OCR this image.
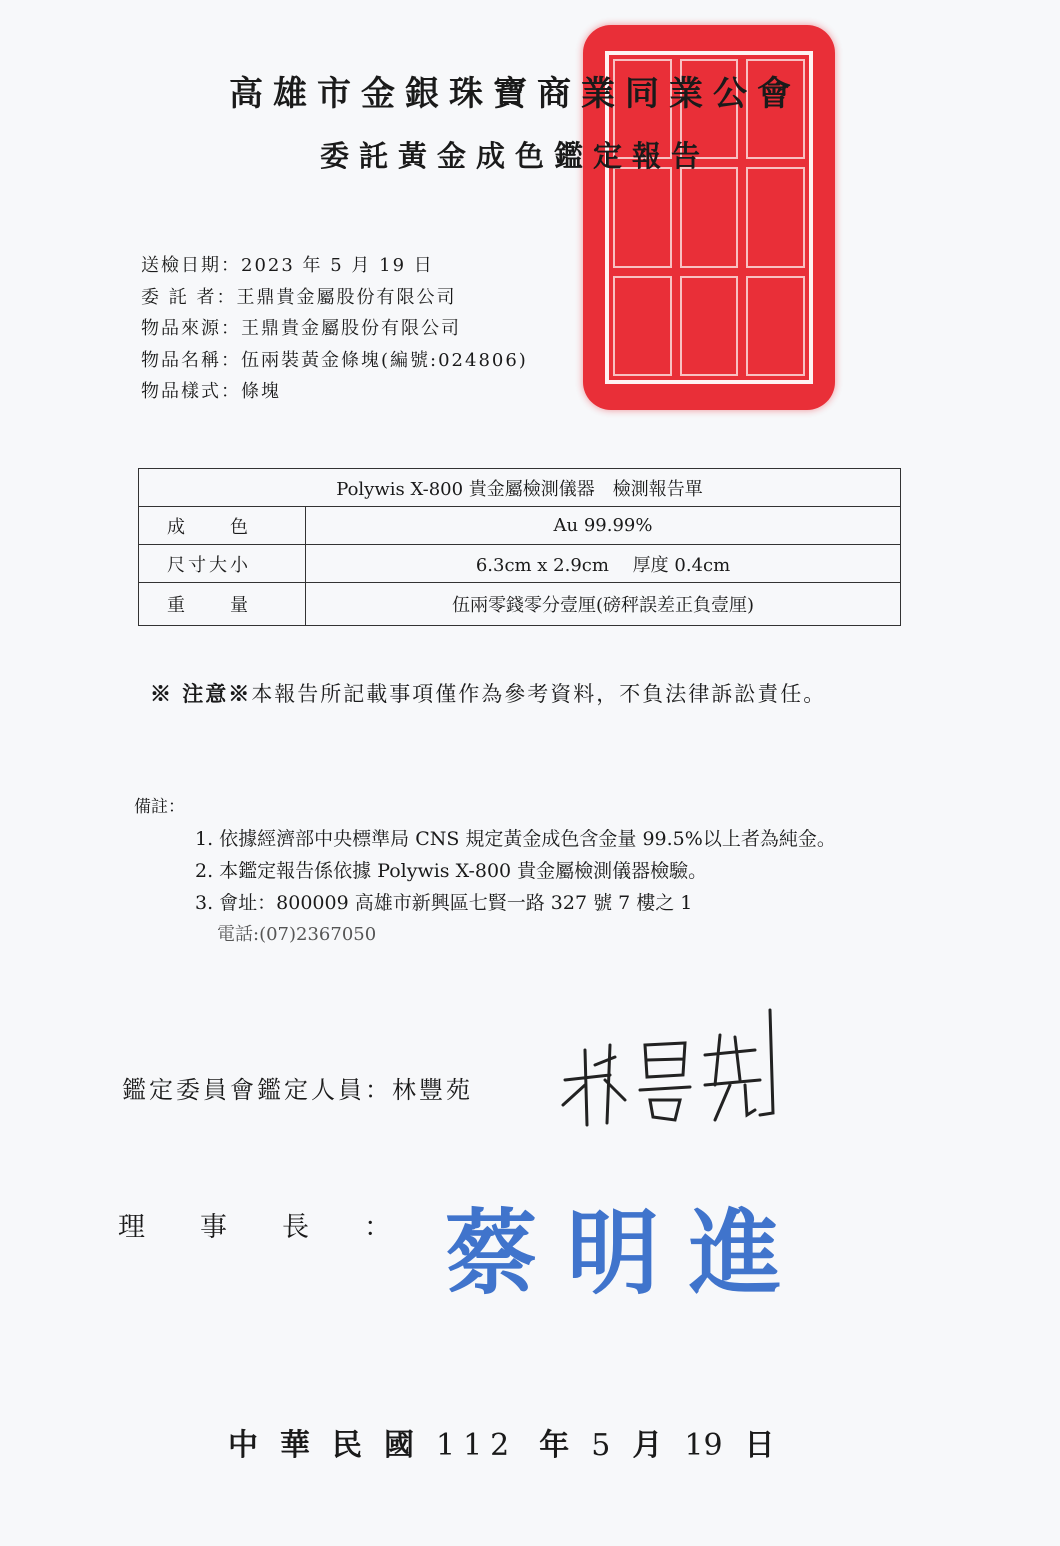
高雄市金銀珠寶商業同業公會
委託黃金成色鑑定報告
送檢日期：2023 年 5 月 19 日
委 託 者：王鼎貴金屬股份有限公司
物品來源：王鼎貴金屬股份有限公司
物品名稱：伍兩裝黃金條塊(編號:024806)
物品樣式：條塊
Polywis X-800 貴金屬檢測儀器　檢測報告單	
成　　色	Au 99.99%
尺寸大小	6.3cm x 2.9cm　 厚度 0.4cm
重　　量	伍兩零錢零分壹厘(磅秤誤差正負壹厘)
※ 注意※本報告所記載事項僅作為參考資料，不負法律訴訟責任。
備註：
1. 依據經濟部中央標準局 CNS 規定黃金成色含金量 99.5%以上者為純金。
2. 本鑑定報告係依據 Polywis X-800 貴金屬檢測儀器檢驗。
3. 會址：800009 高雄市新興區七賢一路 327 號 7 樓之 1
電話:(07)2367050
鑑定委員會鑑定人員：林豐苑
理 事 長 ： 蔡明進
中 華 民 國 112 年 5 月 19 日
